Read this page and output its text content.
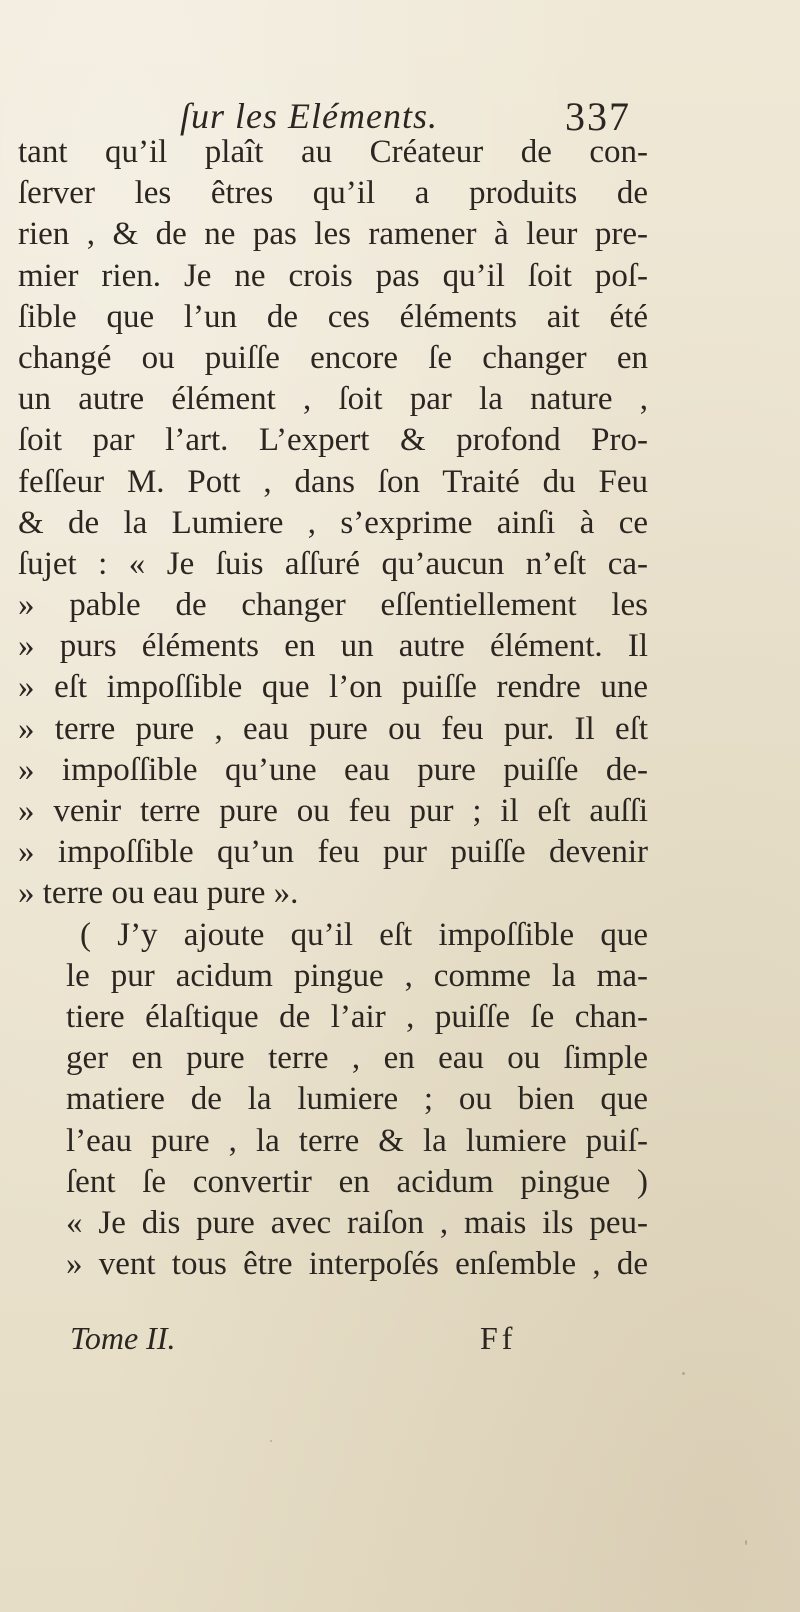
ſur les Eléments.	337
tant qu’il plaît au Créateur de con-
ſerver les êtres qu’il a produits de
rien , & de ne pas les ramener à leur pre-
mier rien. Je ne crois pas qu’il ſoit poſ-
ſible que l’un de ces éléments ait été
changé ou puiſſe encore ſe changer en
un autre élément , ſoit par la nature ,
ſoit par l’art. L’expert & profond Pro-
feſſeur M. Pott , dans ſon Traité du Feu
& de la Lumiere , s’exprime ainſi à ce
ſujet : « Je ſuis aſſuré qu’aucun n’eſt ca-
» pable de changer eſſentiellement les
» purs éléments en un autre élément. Il
» eſt impoſſible que l’on puiſſe rendre une
» terre pure , eau pure ou feu pur. Il eſt
» impoſſible qu’une eau pure puiſſe de-
» venir terre pure ou feu pur ; il eſt auſſi
» impoſſible qu’un feu pur puiſſe devenir
» terre ou eau pure ».
( J’y ajoute qu’il eſt impoſſible que
le pur acidum pingue , comme la ma-
tiere élaſtique de l’air , puiſſe ſe chan-
ger en pure terre , en eau ou ſimple
matiere de la lumiere ; ou bien que
l’eau pure , la terre & la lumiere puiſ-
ſent ſe convertir en acidum pingue )
« Je dis pure avec raiſon , mais ils peu-
» vent tous être interpoſés enſemble , de
Tome II.	Ff
